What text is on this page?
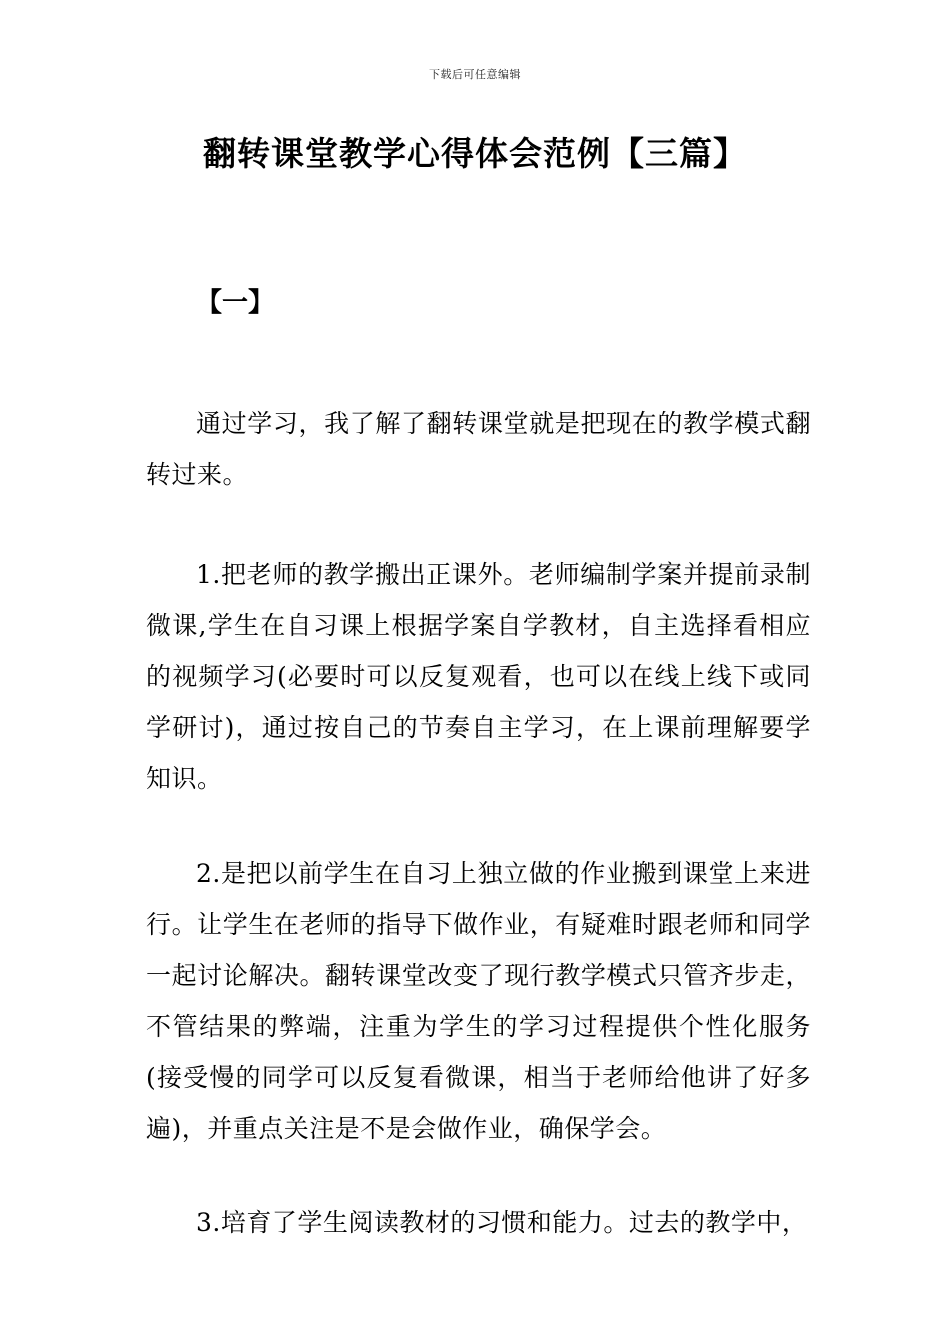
下载后可任意编辑
翻转课堂教学心得体会范例【三篇】
【一】

通过学习，我了解了翻转课堂就是把现在的教学模式翻转过来。

1.把老师的教学搬出正课外。老师编制学案并提前录制微课,学生在自习课上根据学案自学教材，自主选择看相应的视频学习(必要时可以反复观看，也可以在线上线下或同学研讨)，通过按自己的节奏自主学习，在上课前理解要学知识。

2.是把以前学生在自习上独立做的作业搬到课堂上来进行。让学生在老师的指导下做作业，有疑难时跟老师和同学一起讨论解决。翻转课堂改变了现行教学模式只管齐步走，不管结果的弊端，注重为学生的学习过程提供个性化服务(接受慢的同学可以反复看微课，相当于老师给他讲了好多遍)，并重点关注是不是会做作业，确保学会。

3.培育了学生阅读教材的习惯和能力。过去的教学中，
